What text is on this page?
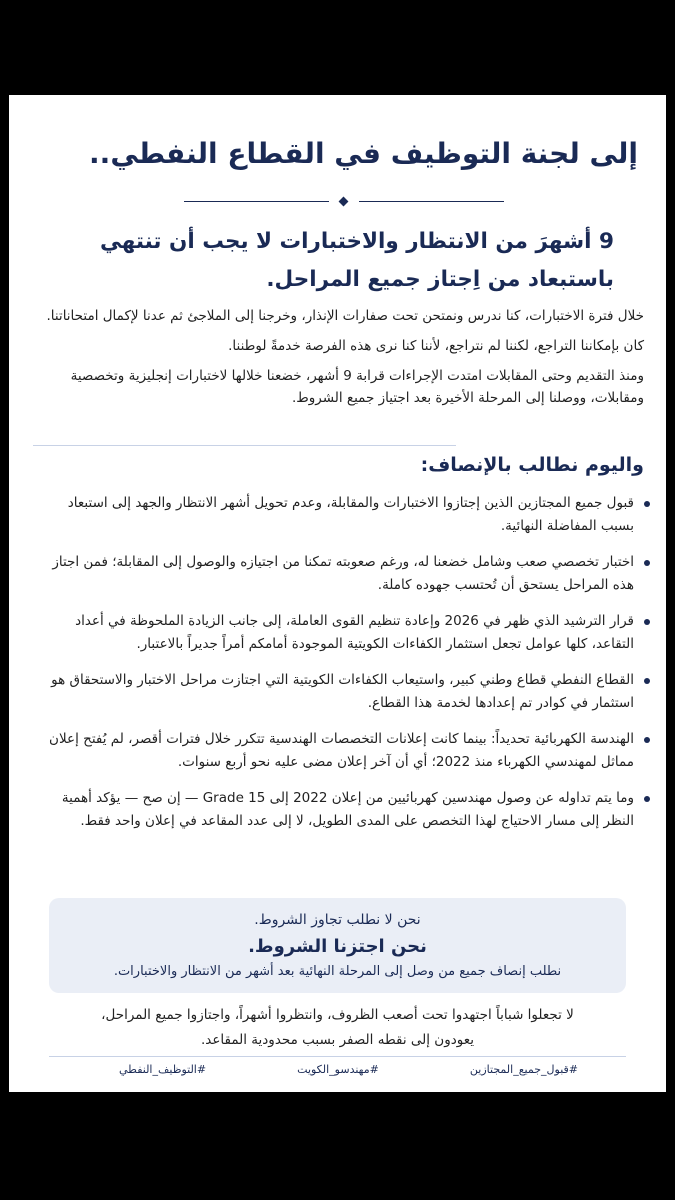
إلى لجنة التوظيف في القطاع النفطي..
9 أشهرَ من الانتظار والاختبارات لا يجب أن تنتهي
باستبعاد من اِجتاز جميع المراحل.

خلال فترة الاختبارات، كنا ندرس ونمتحن تحت صفارات الإنذار، وخرجنا إلى الملاجئ ثم عدنا لإكمال امتحاناتنا.

كان بإمكاننا التراجع، لكننا لم نتراجع، لأننا كنا نرى هذه الفرصة خدمةً لوطننا.

ومنذ التقديم وحتى المقابلات امتدت الإجراءات قرابة 9 أشهر، خضعنا خلالها لاختبارات إنجليزية وتخصصية ومقابلات، ووصلنا إلى المرحلة الأخيرة بعد اجتياز جميع الشروط.

واليوم نطالب بالإنصاف:
قبول جميع المجتازين الذين إجتازوا الاختبارات والمقابلة، وعدم تحويل أشهر الانتظار والجهد إلى استبعاد بسبب المفاضلة النهائية.
اختبار تخصصي صعب وشامل خضعنا له، ورغم صعوبته تمكنا من اجتيازه والوصول إلى المقابلة؛ فمن اجتاز هذه المراحل يستحق أن تُحتسب جهوده كاملة.
قرار الترشيد الذي ظهر في 2026 وإعادة تنظيم القوى العاملة، إلى جانب الزيادة الملحوظة في أعداد التقاعد، كلها عوامل تجعل استثمار الكفاءات الكويتية الموجودة أمامكم أمراً جديراً بالاعتبار.
القطاع النفطي قطاع وطني كبير، واستيعاب الكفاءات الكويتية التي اجتازت مراحل الاختبار والاستحقاق هو استثمار في كوادر تم إعدادها لخدمة هذا القطاع.
الهندسة الكهربائية تحديداً: بينما كانت إعلانات التخصصات الهندسية تتكرر خلال فترات أقصر، لم يُفتح إعلان مماثل لمهندسي الكهرباء منذ 2022؛ أي أن آخر إعلان مضى عليه نحو أربع سنوات.
وما يتم تداوله عن وصول مهندسين كهربائيين من إعلان 2022 إلى Grade 15 — إن صح — يؤكد أهمية النظر إلى مسار الاحتياج لهذا التخصص على المدى الطويل، لا إلى عدد المقاعد في إعلان واحد فقط.
نحن لا نطلب تجاوز الشروط.
نحن اجتزنا الشروط.
نطلب إنصاف جميع من وصل إلى المرحلة النهائية بعد أشهر من الانتظار والاختبارات.
لا تجعلوا شباباً اجتهدوا تحت أصعب الظروف، وانتظروا أشهراً، واجتازوا جميع المراحل،
يعودون إلى نقطه الصفر بسبب محدودية المقاعد.
#قبول_جميع_المجتازين
#مهندسو_الكويت
#التوظيف_النفطي
